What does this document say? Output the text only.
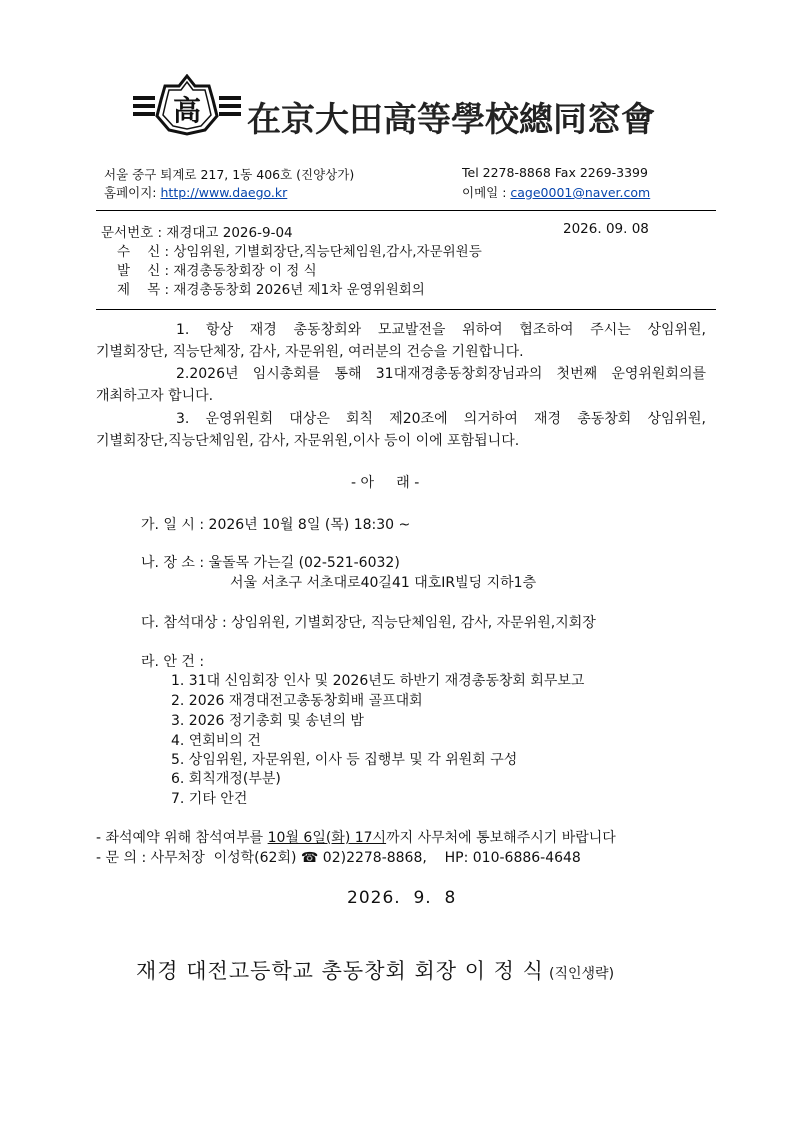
高 在京大田高等學校總同窓會
서울 중구 퇴계로 217, 1동 406호 (진양상가)	Tel 2278-8868 Fax 2269-3399
홈페이지: http://www.daego.kr	이메일 : cage0001@naver.com
문서번호 : 재경대고 2026-9-04	2026. 09. 08
수    신 : 상임위원, 기별회장단,직능단체임원,감사,자문위원등
발    신 : 재경총동창회장 이 정 식
제    목 : 재경총동창회 2026년 제1차 운영위원회의
1. 항상 재경 총동창회와 모교발전을 위하여 협조하여 주시는 상임위원,
기별회장단, 직능단체장, 감사, 자문위원, 여러분의 건승을 기원합니다.
2.2026년 임시총회를 통해 31대재경총동창회장님과의 첫번째 운영위원회의를
개최하고자 합니다.
3. 운영위원회 대상은 회칙 제20조에 의거하여 재경 총동창회 상임위원,
기별회장단,직능단체임원, 감사, 자문위원,이사 등이 이에 포함됩니다.
- 아     래 -
가. 일 시 : 2026년 10월 8일 (목) 18:30 ~
나. 장 소 : 울돌목 가는길 (02-521-6032)
서울 서초구 서초대로40길41 대호IR빌딩 지하1층
다. 참석대상 : 상임위원, 기별회장단, 직능단체임원, 감사, 자문위원,지회장
라. 안 건 :
1. 31대 신임회장 인사 및 2026년도 하반기 재경총동창회 회무보고
2. 2026 재경대전고총동창회배 골프대회
3. 2026 정기총회 및 송년의 밤
4. 연회비의 건
5. 상임위원, 자문위원, 이사 등 집행부 및 각 위원회 구성
6. 회칙개정(부분)
7. 기타 안건
- 좌석예약 위해 참석여부를 10월 6일(화) 17시까지 사무처에 통보해주시기 바랍니다
- 문 의 : 사무처장  이성학(62회) ☎ 02)2278-8868,    HP: 010-6886-4648
2026.  9.  8
재경 대전고등학교 총동창회 회장 이 정 식 (직인생략)
